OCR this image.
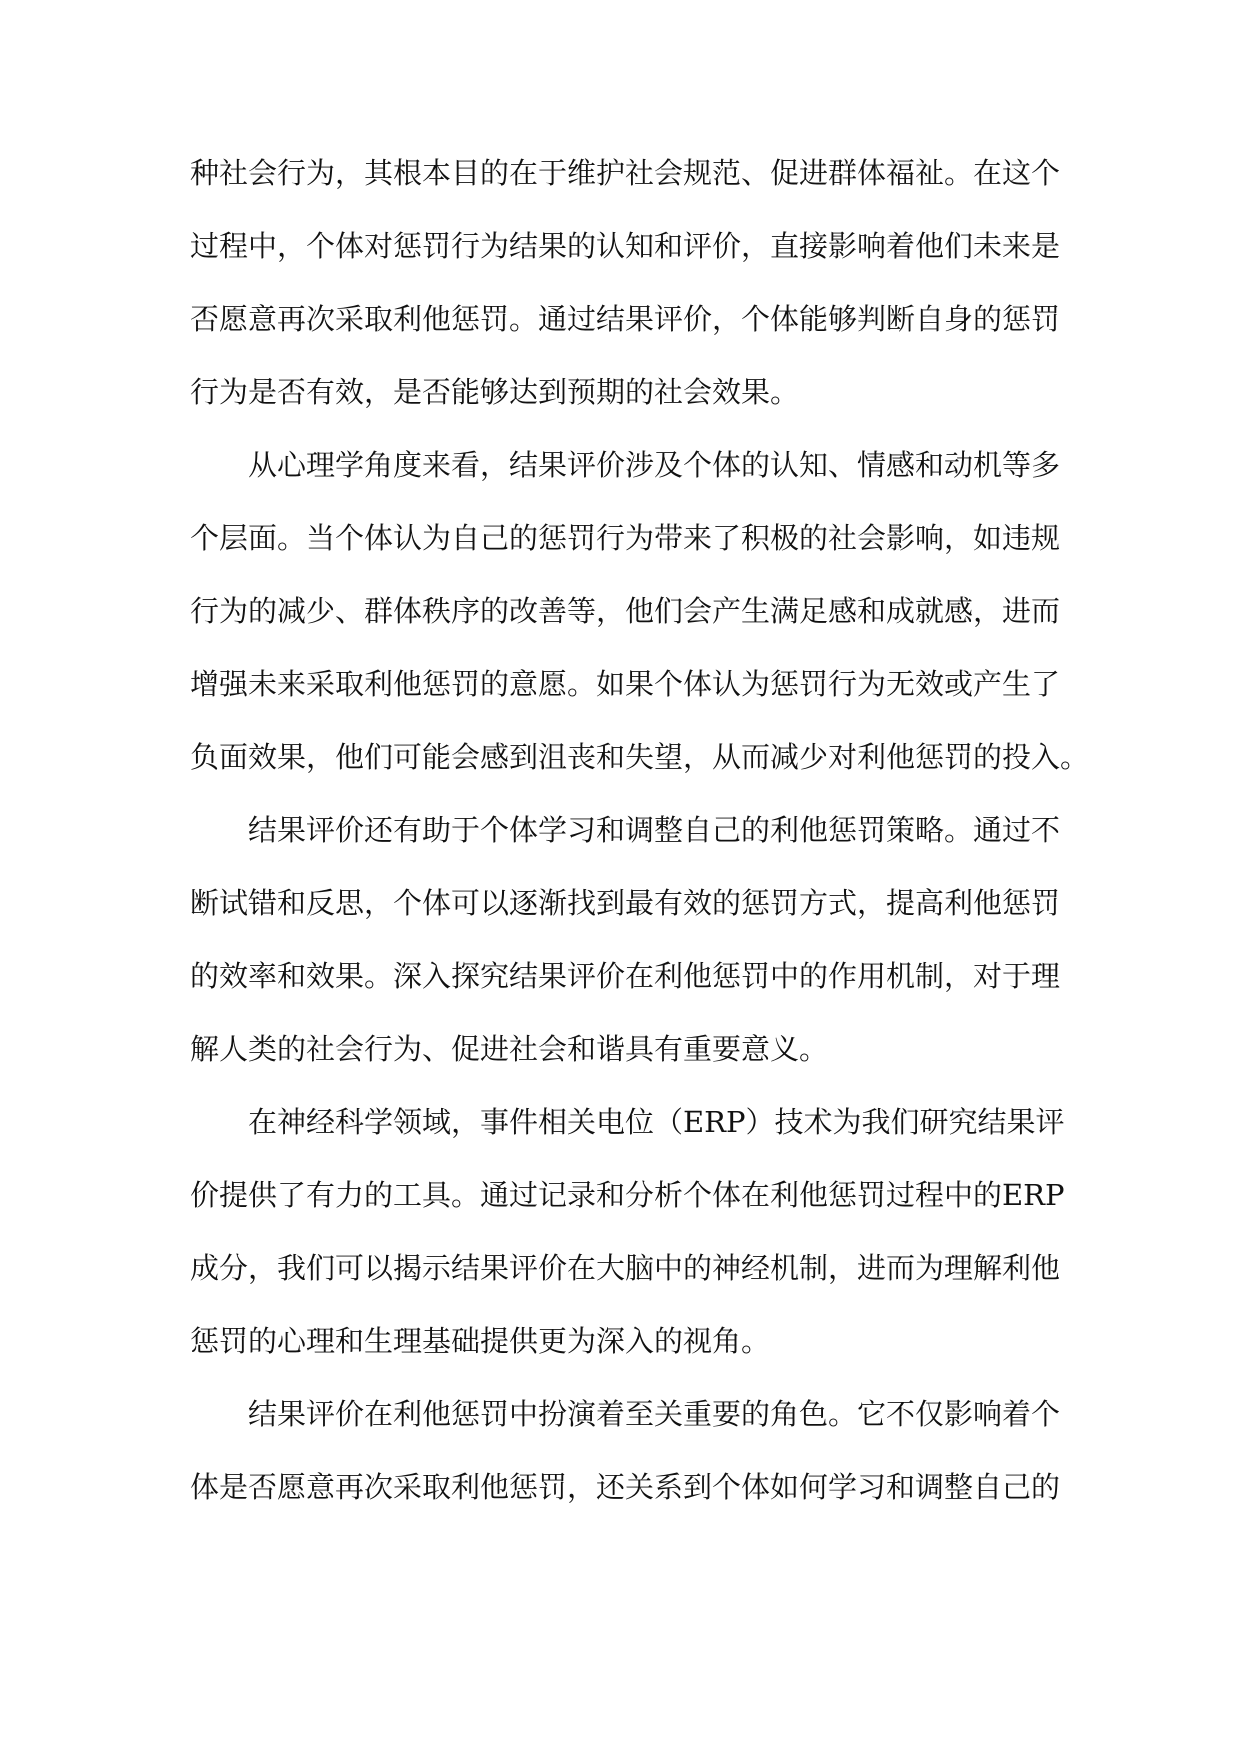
种社会行为，其根本目的在于维护社会规范、促进群体福祉。在这个
过程中，个体对惩罚行为结果的认知和评价，直接影响着他们未来是
否愿意再次采取利他惩罚。通过结果评价，个体能够判断自身的惩罚
行为是否有效，是否能够达到预期的社会效果。
从心理学角度来看，结果评价涉及个体的认知、情感和动机等多
个层面。当个体认为自己的惩罚行为带来了积极的社会影响，如违规
行为的减少、群体秩序的改善等，他们会产生满足感和成就感，进而
增强未来采取利他惩罚的意愿。如果个体认为惩罚行为无效或产生了
负面效果，他们可能会感到沮丧和失望，从而减少对利他惩罚的投入。
结果评价还有助于个体学习和调整自己的利他惩罚策略。通过不
断试错和反思，个体可以逐渐找到最有效的惩罚方式，提高利他惩罚
的效率和效果。深入探究结果评价在利他惩罚中的作用机制，对于理
解人类的社会行为、促进社会和谐具有重要意义。
在神经科学领域，事件相关电位（ERP）技术为我们研究结果评
价提供了有力的工具。通过记录和分析个体在利他惩罚过程中的ERP
成分，我们可以揭示结果评价在大脑中的神经机制，进而为理解利他
惩罚的心理和生理基础提供更为深入的视角。
结果评价在利他惩罚中扮演着至关重要的角色。它不仅影响着个
体是否愿意再次采取利他惩罚，还关系到个体如何学习和调整自己的
